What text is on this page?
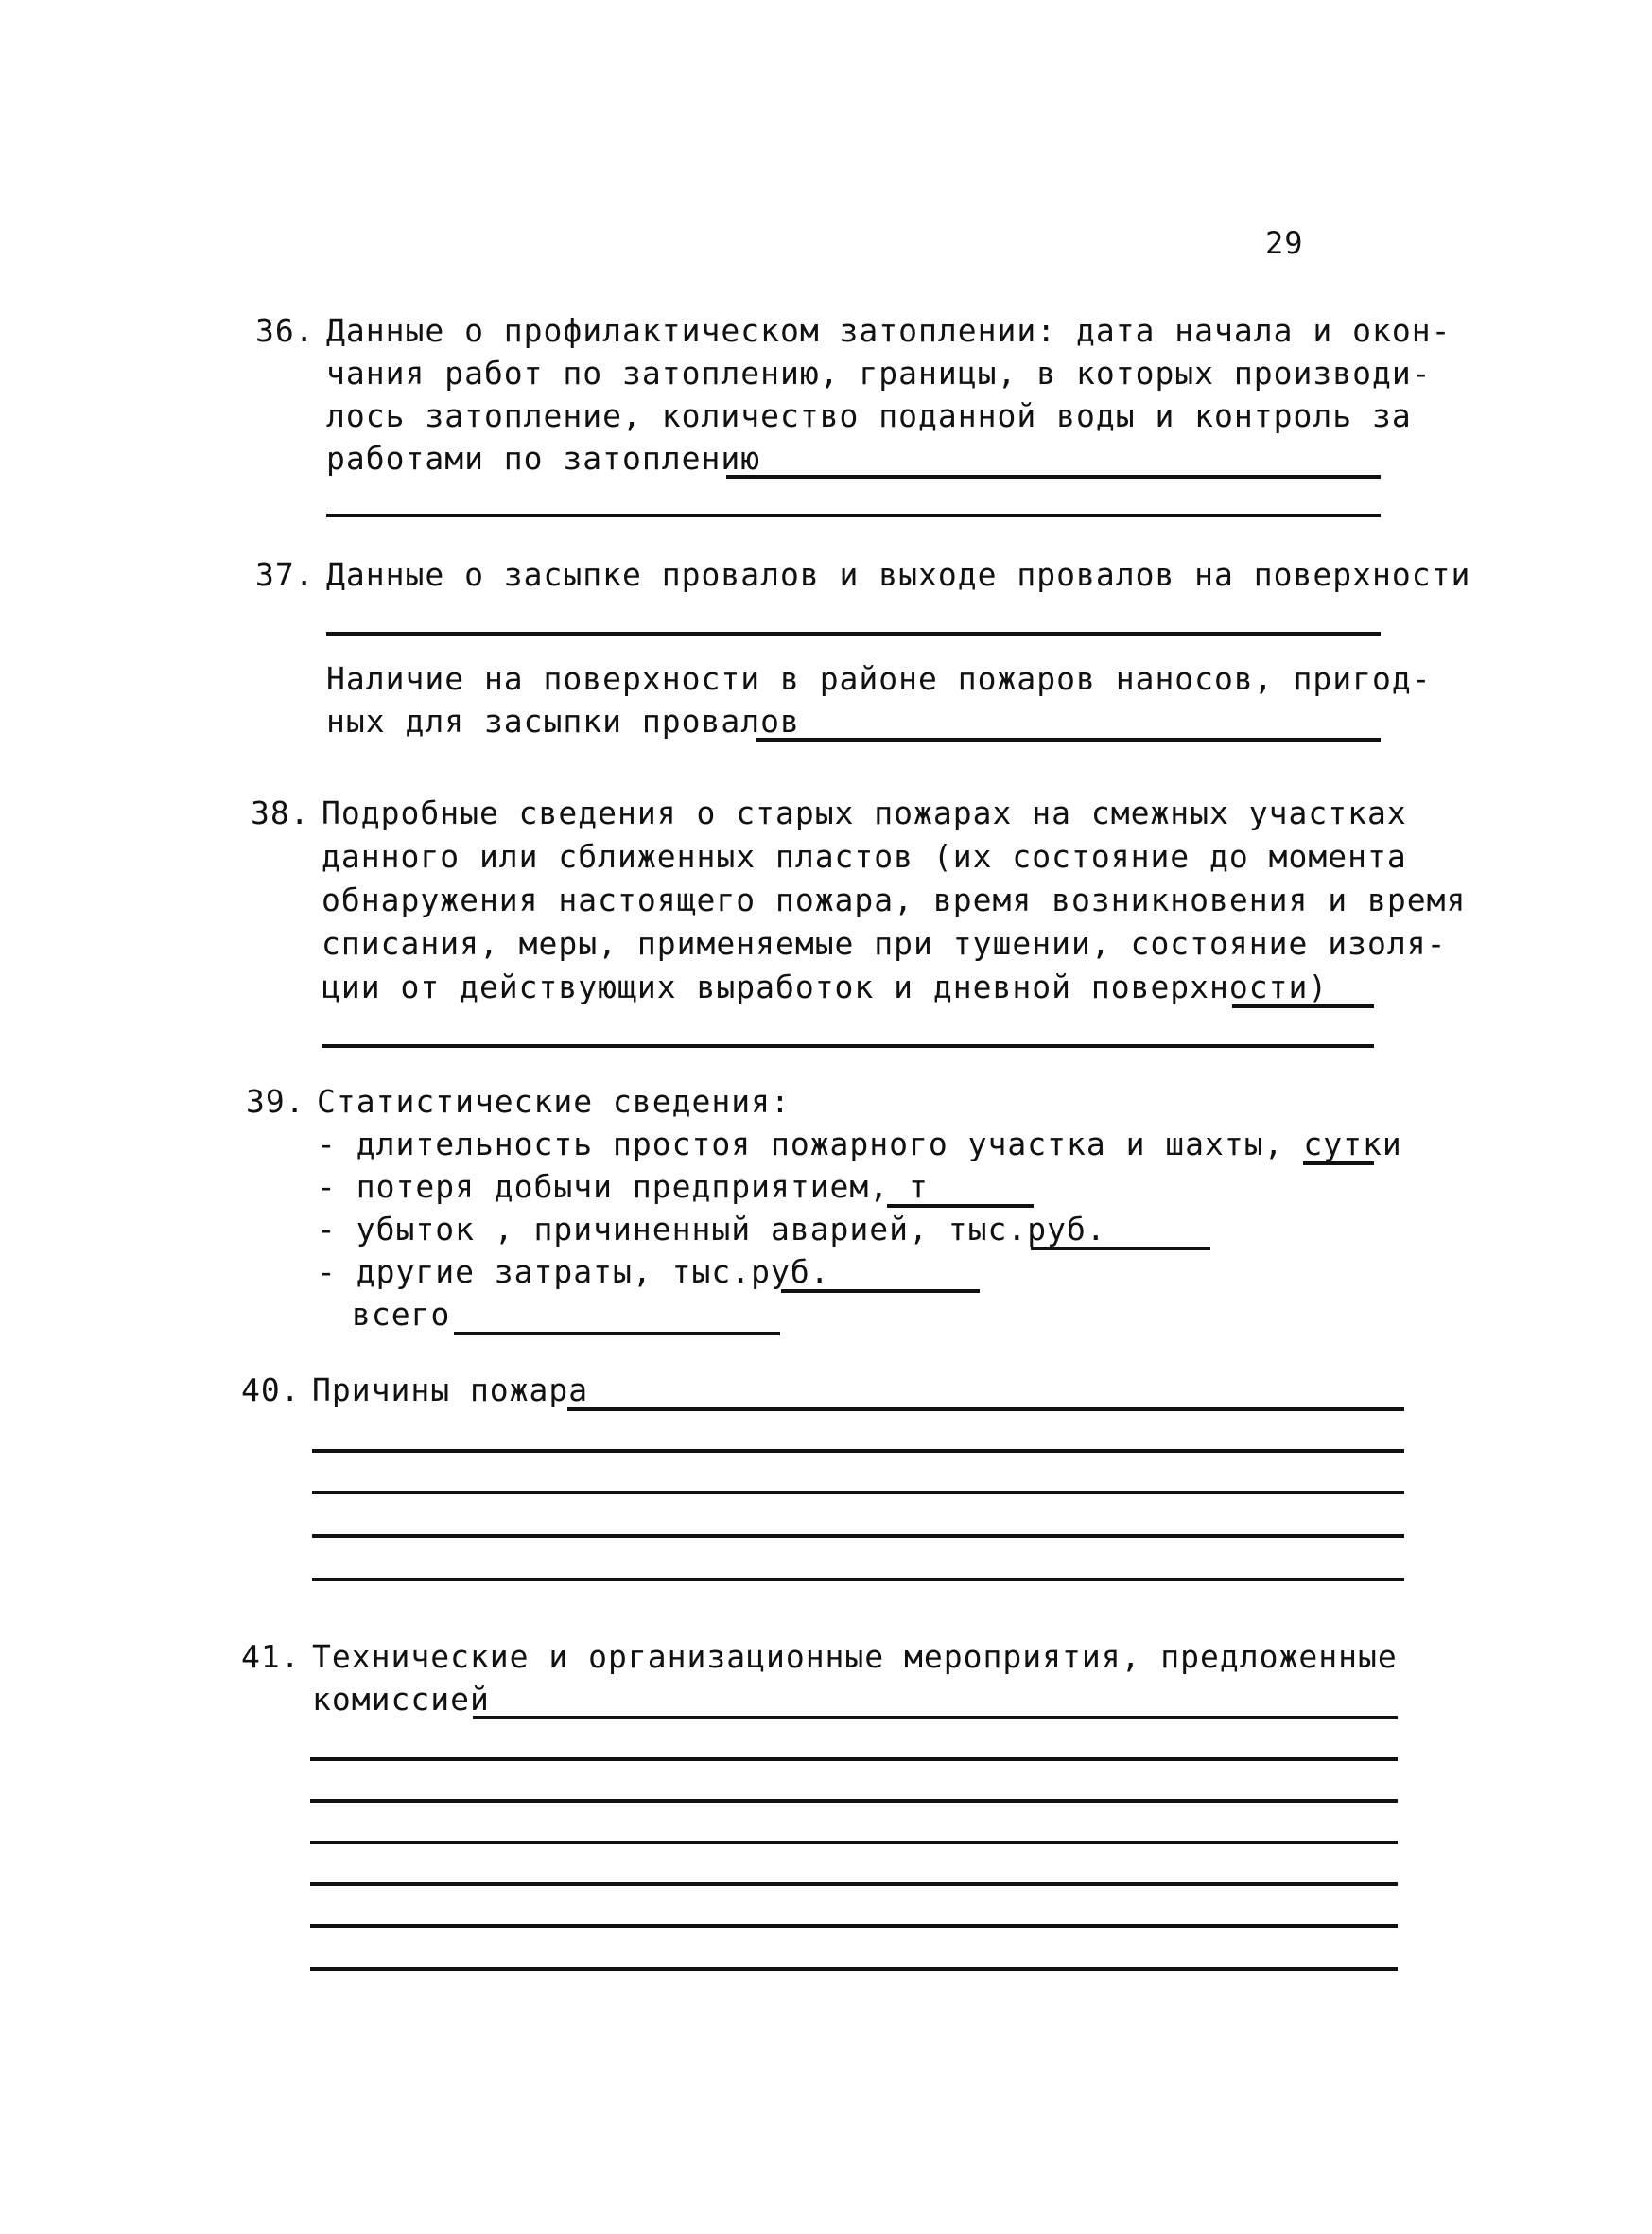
29
36. Данные о профилактическом затоплении: дата начала и окон-
чания работ по затоплению, границы, в которых производи-
лось затопление, количество поданной воды и контроль за
работами по затоплению
37. Данные о засыпке провалов и выходе провалов на поверхности
Наличие на поверхности в районе пожаров наносов, пригод-
ных для засыпки провалов
38. Подробные сведения о старых пожарах на смежных участках
данного или сближенных пластов (их состояние до момента
обнаружения настоящего пожара, время возникновения и время
списания, меры, применяемые при тушении, состояние изоля-
ции от действующих выработок и дневной поверхности)
39. Статистические сведения:
- длительность простоя пожарного участка и шахты, сутки
- потеря добычи предприятием, т
- убыток , причиненный аварией, тыс.руб.
- другие затраты, тыс.руб.
всего
40. Причины пожара
41. Технические и организационные мероприятия, предложенные
комиссией
